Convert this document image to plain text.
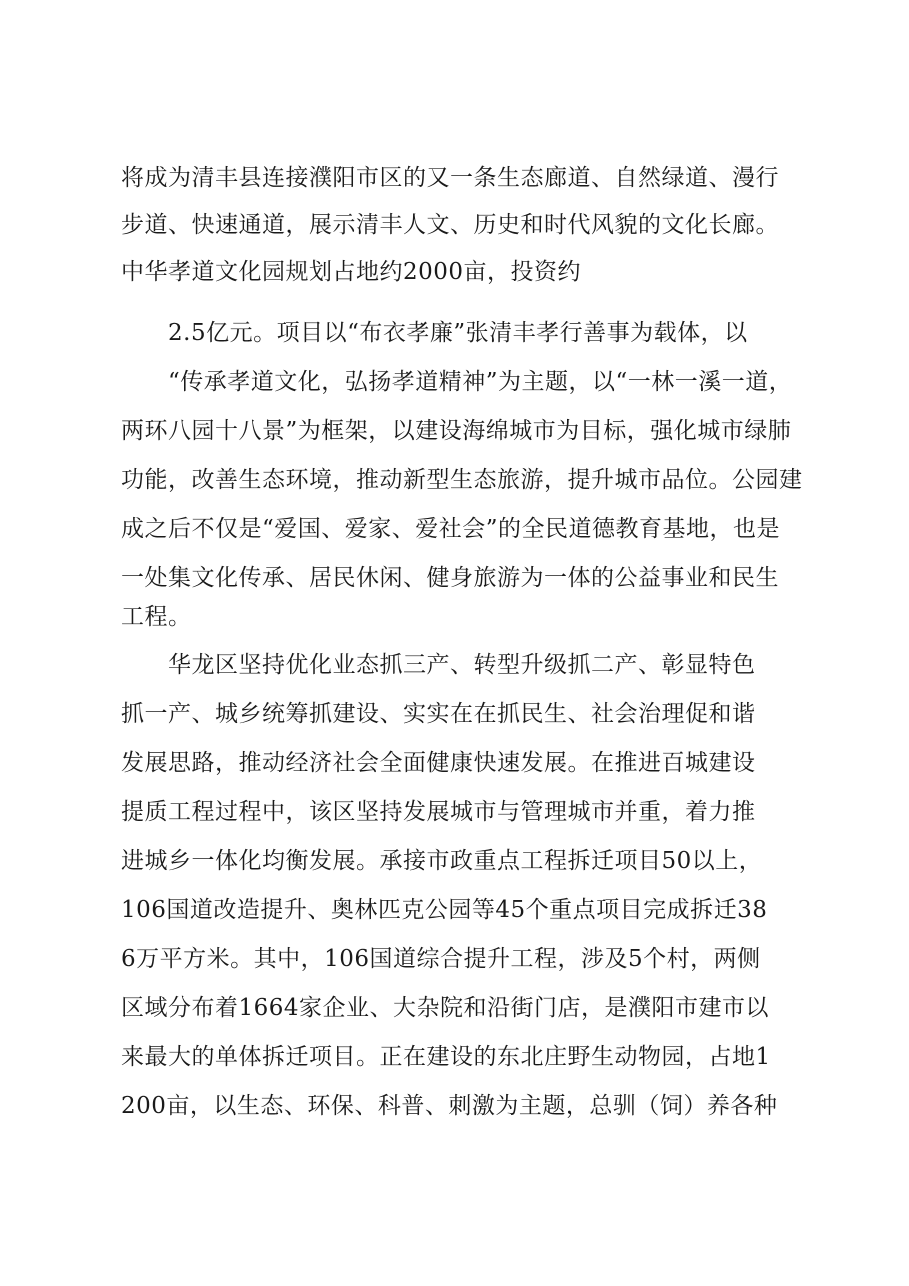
将成为清丰县连接濮阳市区的又一条生态廊道、自然绿道、漫行
步道、快速通道，展示清丰人文、历史和时代风貌的文化长廊。
中华孝道文化园规划占地约2000亩，投资约
2.5亿元。项目以“布衣孝廉”张清丰孝行善事为载体，以
“传承孝道文化，弘扬孝道精神”为主题，以“一林一溪一道，
两环八园十八景”为框架，以建设海绵城市为目标，强化城市绿肺
功能，改善生态环境，推动新型生态旅游，提升城市品位。公园建
成之后不仅是“爱国、爱家、爱社会”的全民道德教育基地，也是
一处集文化传承、居民休闲、健身旅游为一体的公益事业和民生
工程。
华龙区坚持优化业态抓三产、转型升级抓二产、彰显特色
抓一产、城乡统筹抓建设、实实在在抓民生、社会治理促和谐
发展思路，推动经济社会全面健康快速发展。在推进百城建设
提质工程过程中，该区坚持发展城市与管理城市并重，着力推
进城乡一体化均衡发展。承接市政重点工程拆迁项目50以上，
106国道改造提升、奥林匹克公园等45个重点项目完成拆迁38
6万平方米。其中，106国道综合提升工程，涉及5个村，两侧
区域分布着1664家企业、大杂院和沿街门店，是濮阳市建市以
来最大的单体拆迁项目。正在建设的东北庄野生动物园，占地1
200亩，以生态、环保、科普、刺激为主题，总驯（饲）养各种
